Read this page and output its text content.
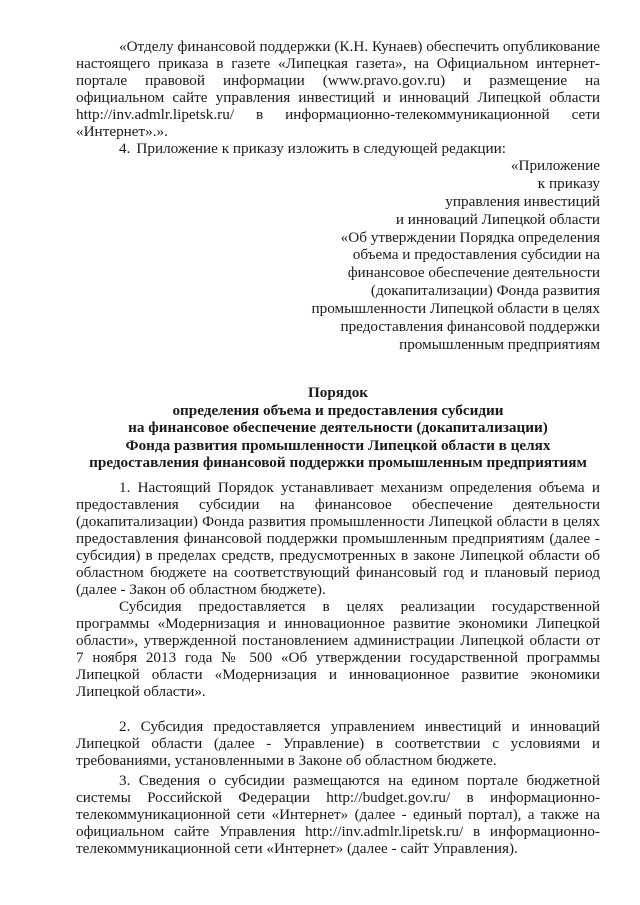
«Отделу финансовой поддержки (К.Н. Кунаев) обеспечить опубликование настоящего приказа в газете «Липецкая газета», на Официальном интернет-портале правовой информации (www.pravo.gov.ru) и размещение на официальном сайте управления инвестиций и инноваций Липецкой области http://inv.admlr.lipetsk.ru/ в информационно-телекоммуникационной сети «Интернет».».

4. Приложение к приказу изложить в следующей редакции:

«Приложение
к приказу
управления инвестиций
и инноваций Липецкой области
«Об утверждении Порядка определения
объема и предоставления субсидии на
финансовое обеспечение деятельности
(докапитализации) Фонда развития
промышленности Липецкой области в целях
предоставления финансовой поддержки
промышленным предприятиям
Порядок
определения объема и предоставления субсидии
на финансовое обеспечение деятельности (докапитализации)
Фонда развития промышленности Липецкой области в целях
предоставления финансовой поддержки промышленным предприятиям

1. Настоящий Порядок устанавливает механизм определения объема и предоставления субсидии на финансовое обеспечение деятельности (докапитализации) Фонда развития промышленности Липецкой области в целях предоставления финансовой поддержки промышленным предприятиям (далее - субсидия) в пределах средств, предусмотренных в законе Липецкой области об областном бюджете на соответствующий финансовый год и плановый период (далее - Закон об областном бюджете).

Субсидия предоставляется в целях реализации государственной программы «Модернизация и инновационное развитие экономики Липецкой области», утвержденной постановлением администрации Липецкой области от 7 ноября 2013 года № 500 «Об утверждении государственной программы Липецкой области «Модернизация и инновационное развитие экономики Липецкой области».

2. Субсидия предоставляется управлением инвестиций и инноваций Липецкой области (далее - Управление) в соответствии с условиями и требованиями, установленными в Законе об областном бюджете.

3. Сведения о субсидии размещаются на едином портале бюджетной системы Российской Федерации http://budget.gov.ru/ в информационно-телекоммуникационной сети «Интернет» (далее - единый портал), а также на официальном сайте Управления http://inv.admlr.lipetsk.ru/ в информационно-телекоммуникационной сети «Интернет» (далее - сайт Управления).
